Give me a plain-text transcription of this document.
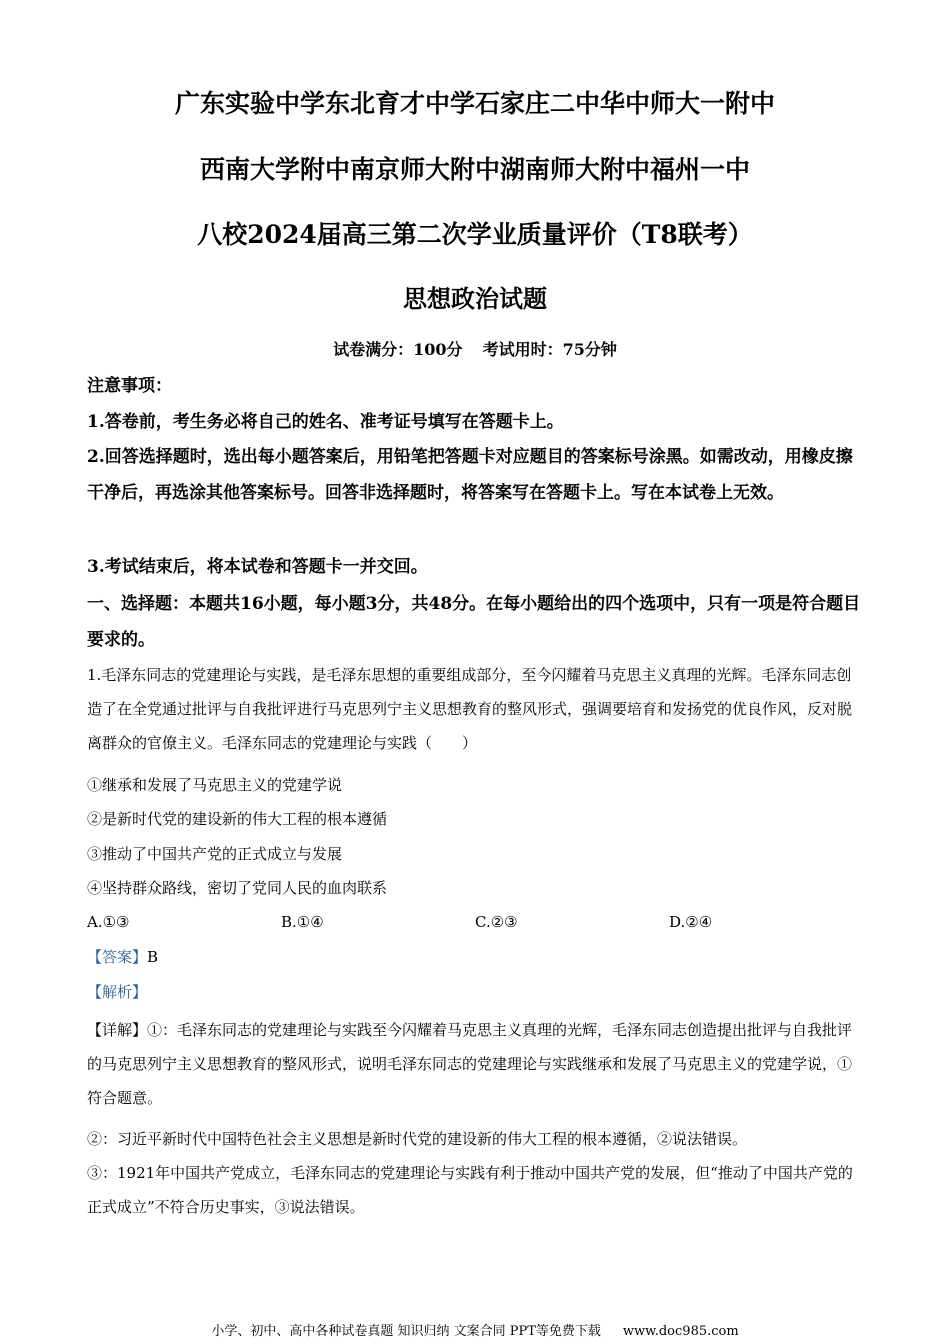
广东实验中学东北育才中学石家庄二中华中师大一附中
西南大学附中南京师大附中湖南师大附中福州一中
八校2024届高三第二次学业质量评价（T8联考）
思想政治试题
试卷满分：100分 考试用时：75分钟
注意事项：
1.答卷前，考生务必将自己的姓名、准考证号填写在答题卡上。
2.回答选择题时，选出每小题答案后，用铅笔把答题卡对应题目的答案标号涂黑。如需改动，用橡皮擦干净后，再选涂其他答案标号。回答非选择题时，将答案写在答题卡上。写在本试卷上无效。
3.考试结束后，将本试卷和答题卡一并交回。
一、选择题：本题共16小题，每小题3分，共48分。在每小题给出的四个选项中，只有一项是符合题目要求的。
1.毛泽东同志的党建理论与实践，是毛泽东思想的重要组成部分，至今闪耀着马克思主义真理的光辉。毛泽东同志创造了在全党通过批评与自我批评进行马克思列宁主义思想教育的整风形式，强调要培育和发扬党的优良作风，反对脱离群众的官僚主义。毛泽东同志的党建理论与实践（　　）
①继承和发展了马克思主义的党建学说
②是新时代党的建设新的伟大工程的根本遵循
③推动了中国共产党的正式成立与发展
④坚持群众路线，密切了党同人民的血肉联系
A.①③	B.①④	C.②③	D.②④
【答案】B
【解析】
【详解】①：毛泽东同志的党建理论与实践至今闪耀着马克思主义真理的光辉，毛泽东同志创造提出批评与自我批评的马克思列宁主义思想教育的整风形式，说明毛泽东同志的党建理论与实践继承和发展了马克思主义的党建学说，①符合题意。
②：习近平新时代中国特色社会主义思想是新时代党的建设新的伟大工程的根本遵循，②说法错误。
③：1921年中国共产党成立，毛泽东同志的党建理论与实践有利于推动中国共产党的发展，但“推动了中国共产党的正式成立”不符合历史事实，③说法错误。
小学、初中、高中各种试卷真题 知识归纳 文案合同 PPT等免费下载 www.doc985.com
